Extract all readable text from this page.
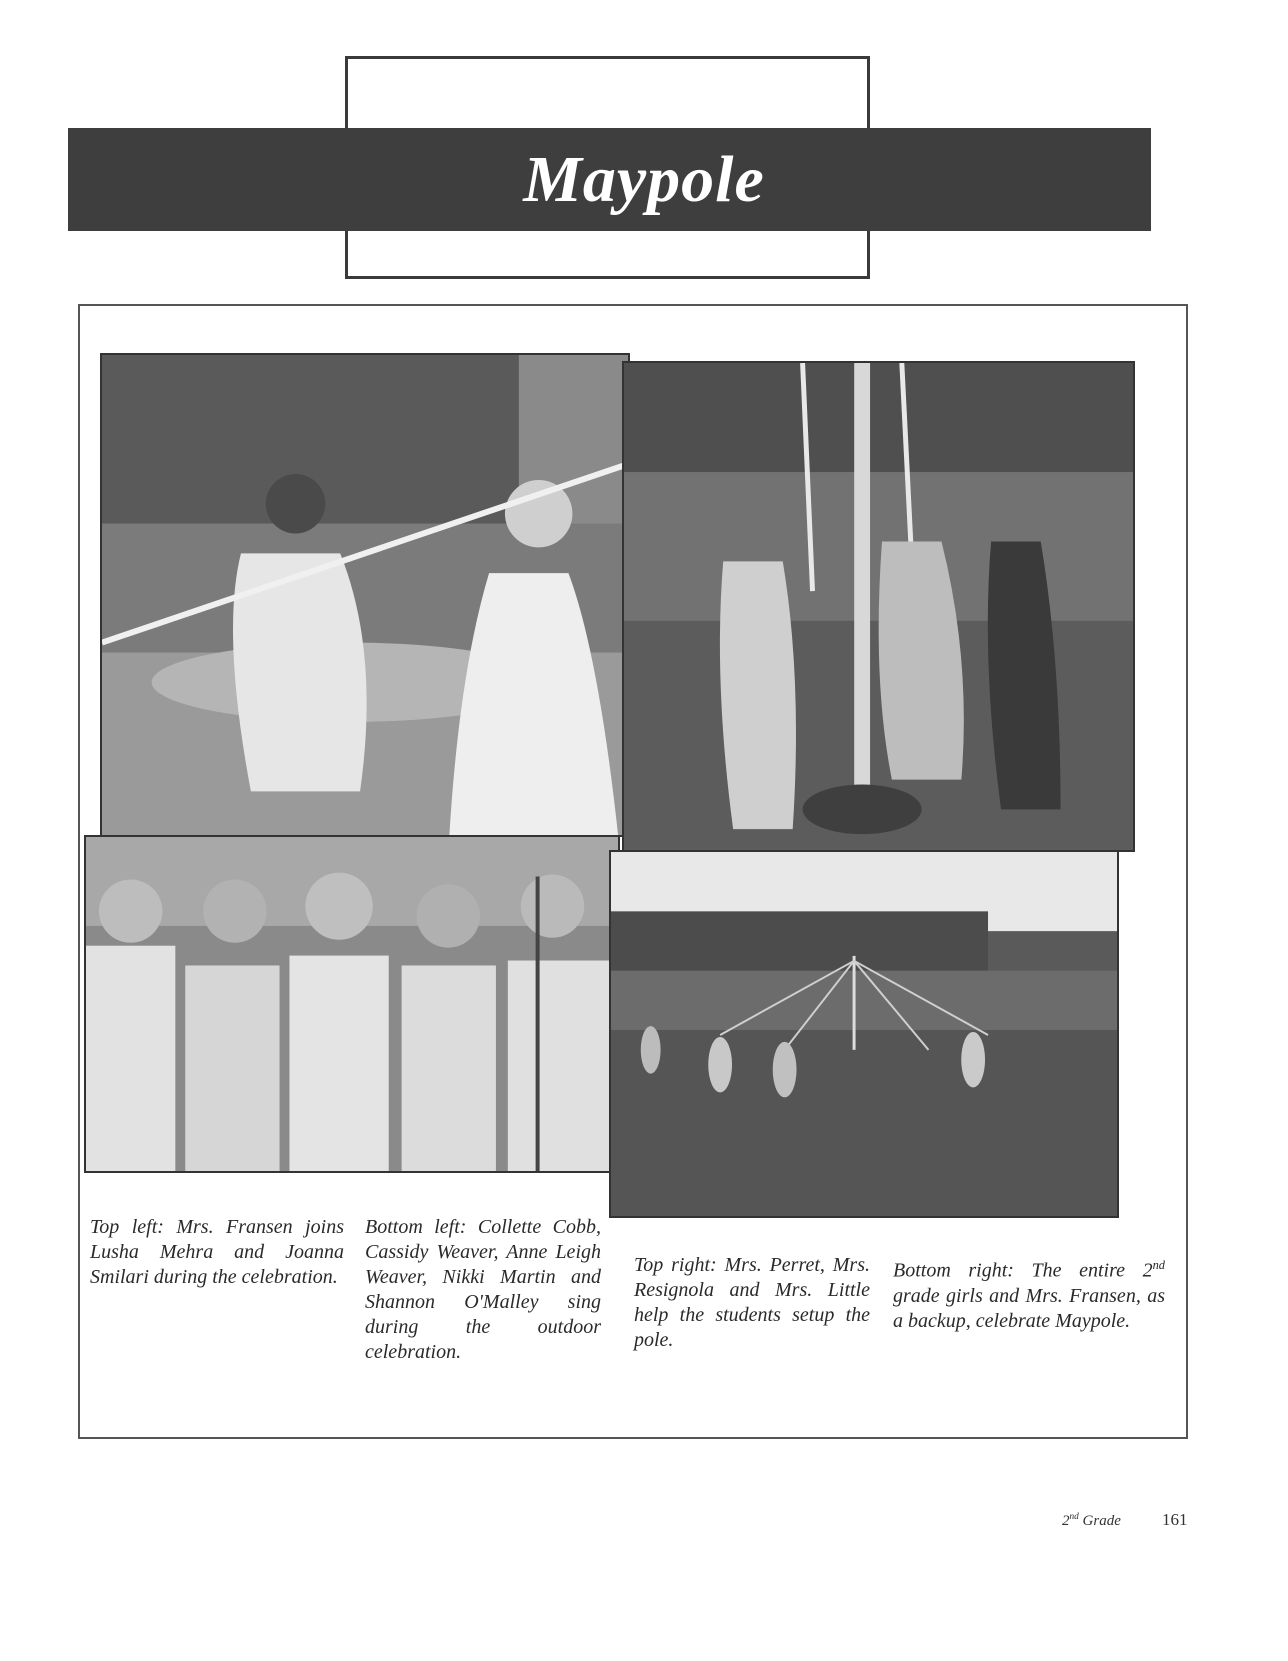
Maypole
Top left: Mrs. Fransen joins Lusha Mehra and Joanna Smilari during the celebration.
Bottom left: Collette Cobb, Cassidy Weaver, Anne Leigh Weaver, Nikki Martin and Shannon O'Malley sing during the outdoor celebration.
Top right: Mrs. Perret, Mrs. Resignola and Mrs. Little help the students setup the pole.
Bottom right: The entire 2nd grade girls and Mrs. Fransen, as a backup, celebrate Maypole.
2nd Grade 161
